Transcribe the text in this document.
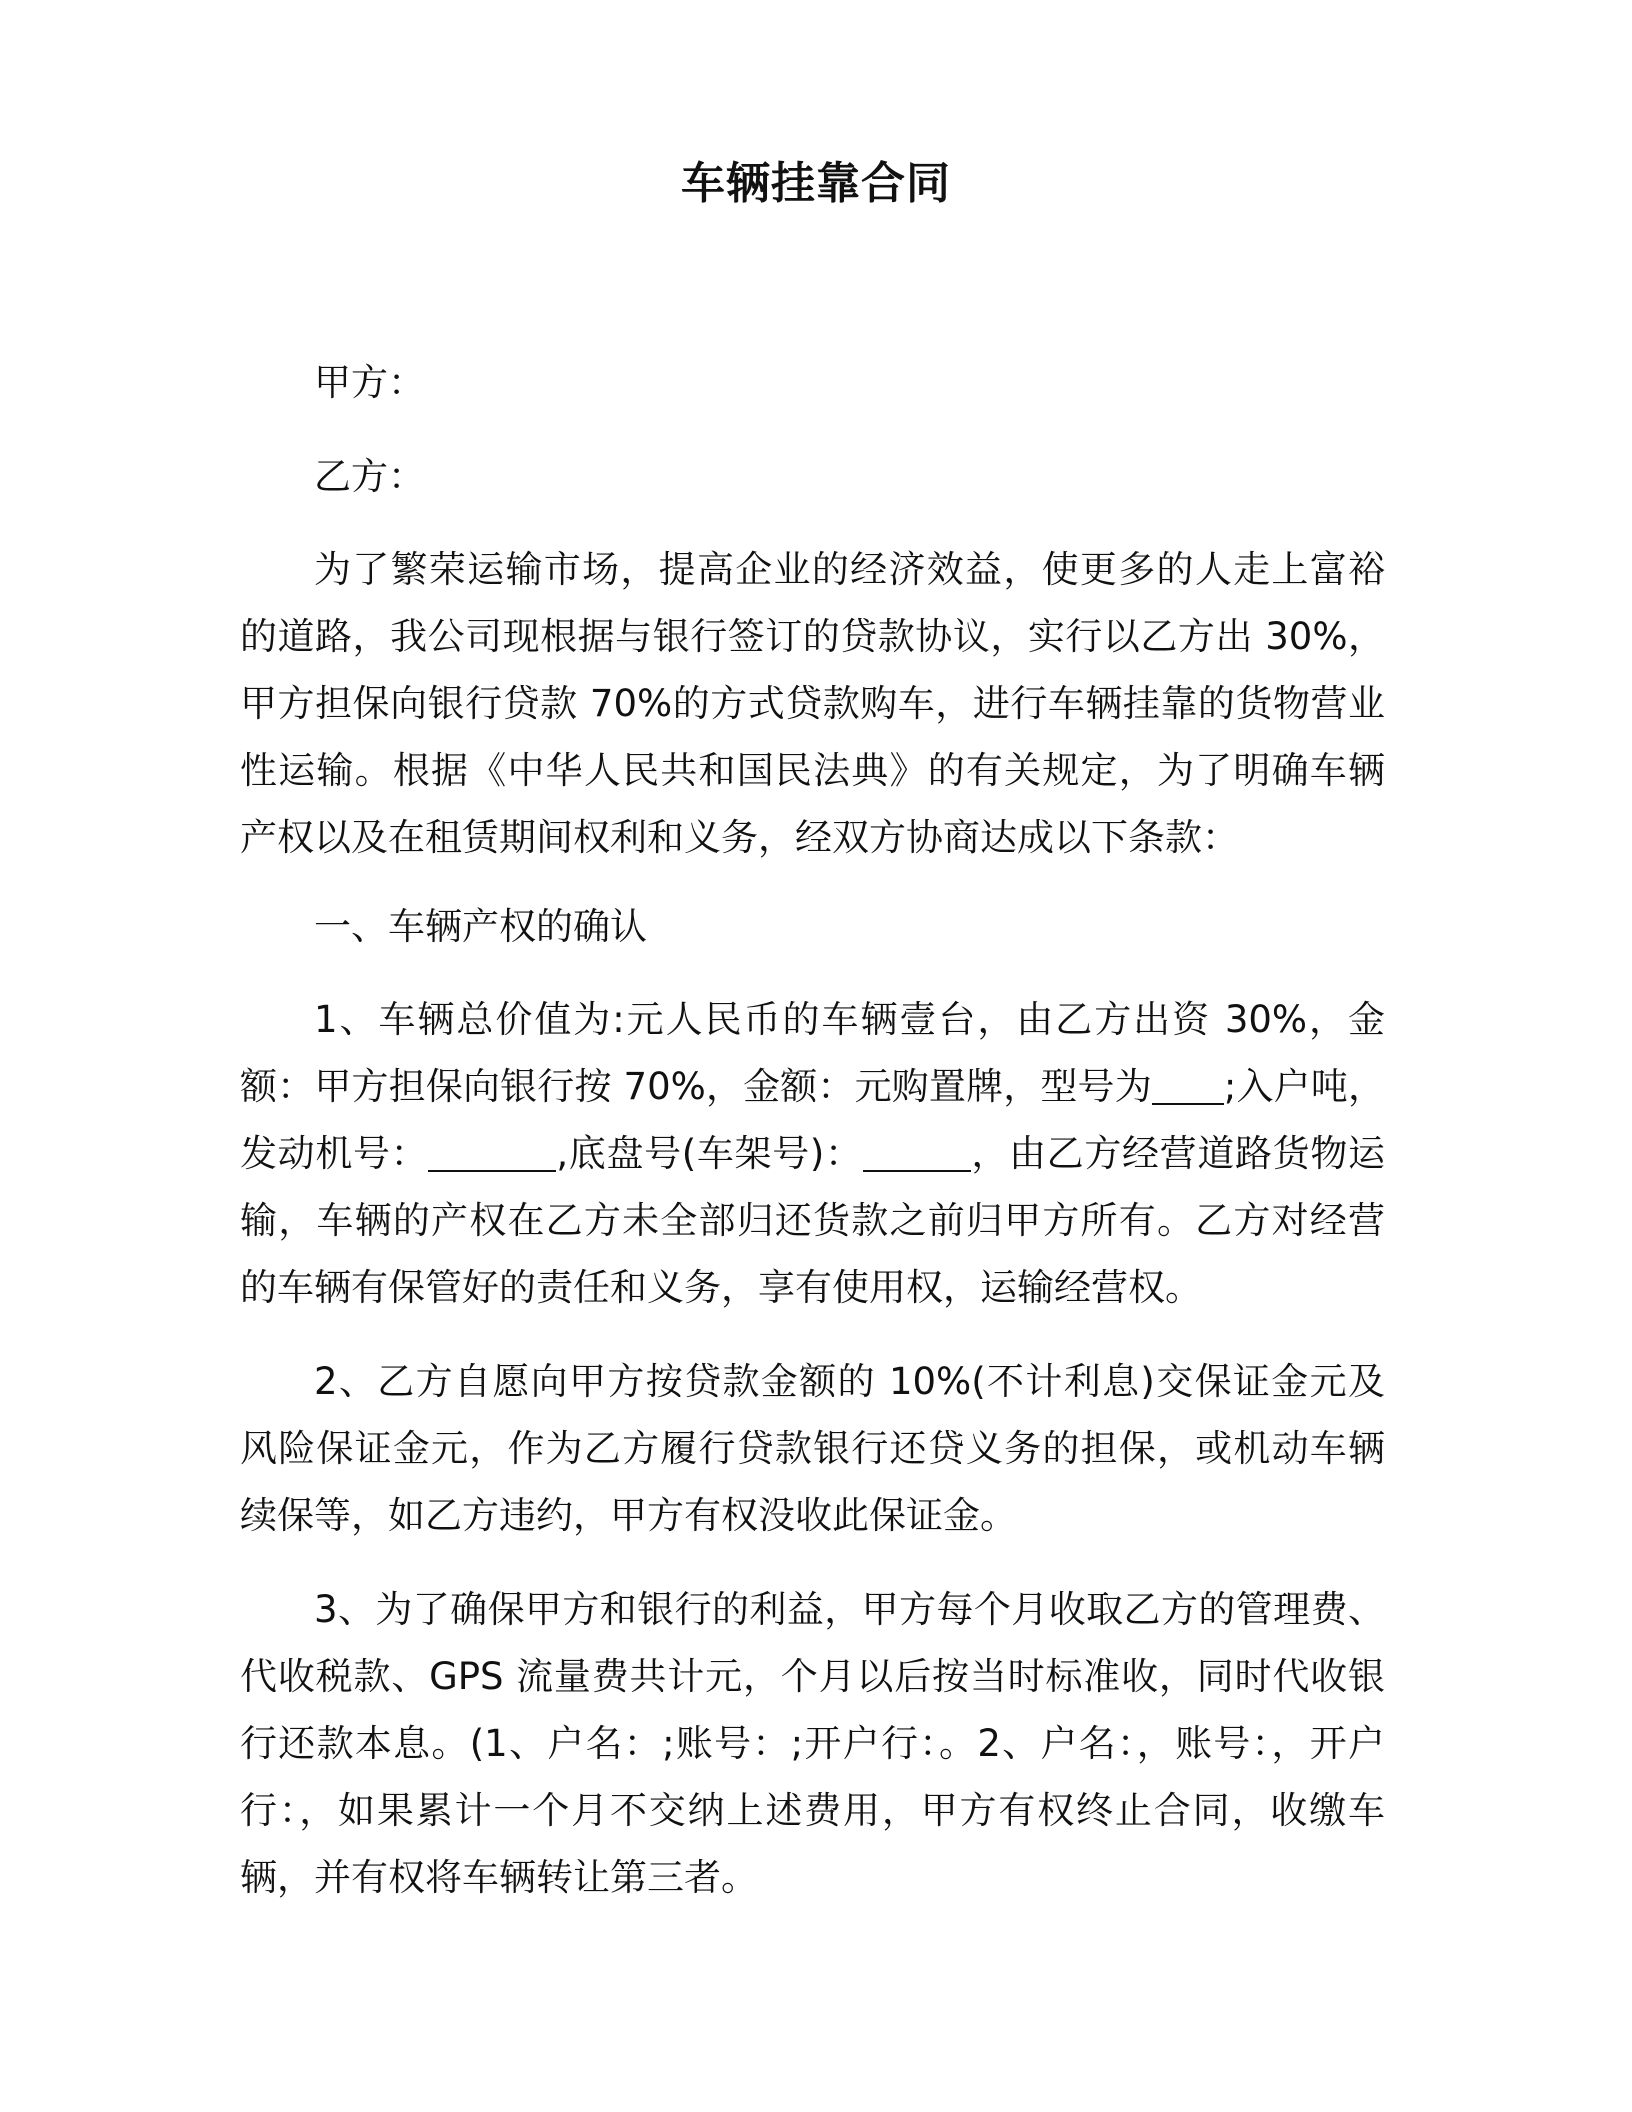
车辆挂靠合同
甲方：
乙方：

为了繁荣运输市场，提高企业的经济效益，使更多的人走上富裕的道路，我公司现根据与银行签订的贷款协议，实行以乙方出 30%，甲方担保向银行贷款 70%的方式贷款购车，进行车辆挂靠的货物营业性运输。根据《中华人民共和国民法典》的有关规定，为了明确车辆产权以及在租赁期间权利和义务，经双方协商达成以下条款：

一、车辆产权的确认

1、车辆总价值为:元人民币的车辆壹台，由乙方出资 30%，金额：甲方担保向银行按 70%，金额：元购置牌，型号为 ;入户吨，发动机号：	,底盘号(车架号)：	，由乙方经营道路货物运输，车辆的产权在乙方未全部归还货款之前归甲方所有。乙方对经营的车辆有保管好的责任和义务，享有使用权，运输经营权。

2、乙方自愿向甲方按贷款金额的 10%(不计利息)交保证金元及风险保证金元，作为乙方履行贷款银行还贷义务的担保，或机动车辆续保等，如乙方违约，甲方有权没收此保证金。

3、为了确保甲方和银行的利益，甲方每个月收取乙方的管理费、代收税款、GPS 流量费共计元，个月以后按当时标准收，同时代收银行还款本息。(1、户名：;账号：;开户行：。2、户名：，账号：，开户行：，如果累计一个月不交纳上述费用，甲方有权终止合同，收缴车辆，并有权将车辆转让第三者。
